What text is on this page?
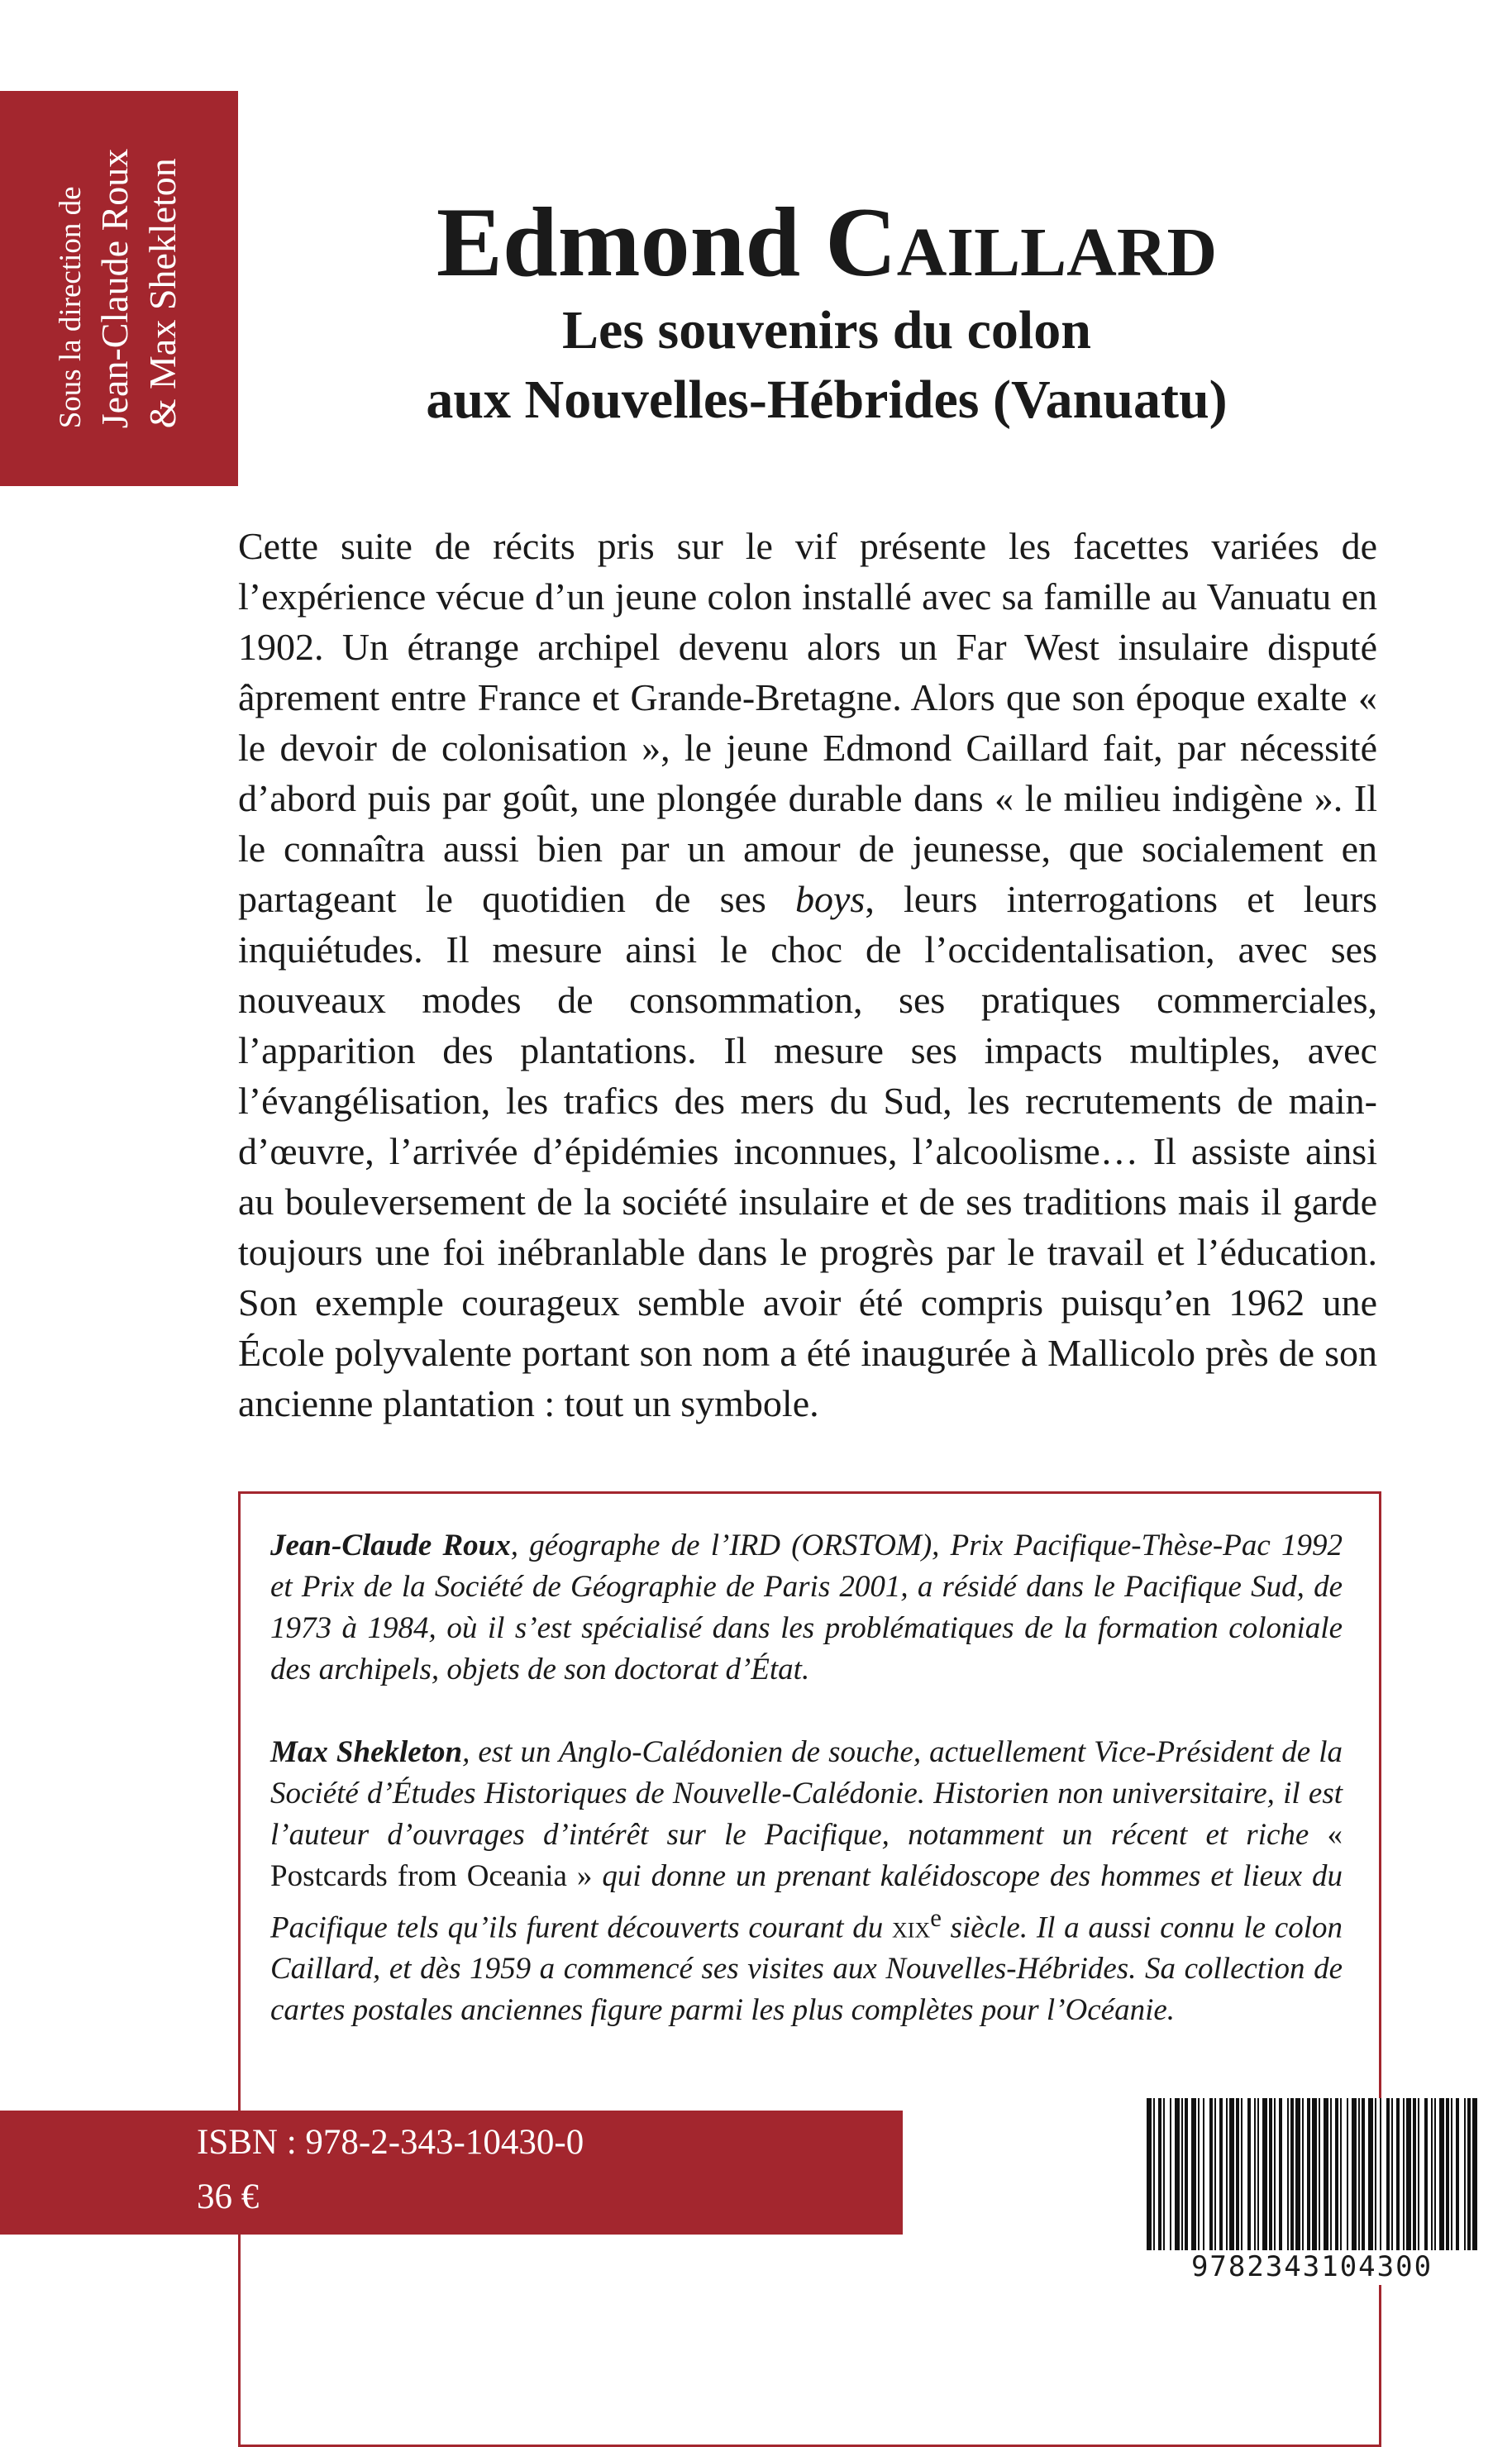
Sous la direction de Jean-Claude Roux & Max Shekleton	Edmond Caillard

Les souvenirs du colon

aux Nouvelles-Hébrides (Vanuatu)

Cette suite de récits pris sur le vif présente les facettes variées de l’expérience vécue d’un jeune colon installé avec sa famille au Vanuatu en 1902. Un étrange archipel devenu alors un Far West insulaire disputé âprement entre France et Grande-Bretagne. Alors que son époque exalte « le devoir de colonisation », le jeune Edmond Caillard fait, par nécessité d’abord puis par goût, une plongée durable dans « le milieu indigène ». Il le connaîtra aussi bien par un amour de jeunesse, que socialement en partageant le quotidien de ses boys, leurs interrogations et leurs inquiétudes. Il mesure ainsi le choc de l’occidentalisation, avec ses nouveaux modes de consommation, ses pratiques commerciales, l’apparition des plantations. Il mesure ses impacts multiples, avec l’évangélisation, les trafics des mers du Sud, les recrutements de main-d’œuvre, l’arrivée d’épidémies inconnues, l’alcoolisme… Il assiste ainsi au bouleversement de la société insulaire et de ses traditions mais il garde toujours une foi inébranlable dans le progrès par le travail et l’éducation. Son exemple courageux semble avoir été compris puisqu’en 1962 une École polyvalente portant son nom a été inaugurée à Mallicolo près de son ancienne plantation : tout un symbole.

Jean-Claude Roux, géographe de l’IRD (ORSTOM), Prix Pacifique-Thèse-Pac 1992 et Prix de la Société de Géographie de Paris 2001, a résidé dans le Pacifique Sud, de 1973 à 1984, où il s’est spécialisé dans les problématiques de la formation coloniale des archipels, objets de son doctorat d’État.

Max Shekleton, est un Anglo-Calédonien de souche, actuellement Vice-Président de la Société d’Études Historiques de Nouvelle-Calédonie. Historien non universitaire, il est l’auteur d’ouvrages d’intérêt sur le Pacifique, notamment un récent et riche « Postcards from Oceania » qui donne un prenant kaléidoscope des hommes et lieux du Pacifique tels qu’ils furent découverts courant du xix$^e$ siècle. Il a aussi connu le colon Caillard, et dès 1959 a commencé ses visites aux Nouvelles-Hébrides. Sa collection de cartes postales anciennes figure parmi les plus complètes pour l’Océanie.

ISBN : 978-2-343-10430-0
36 €
9782343104300
